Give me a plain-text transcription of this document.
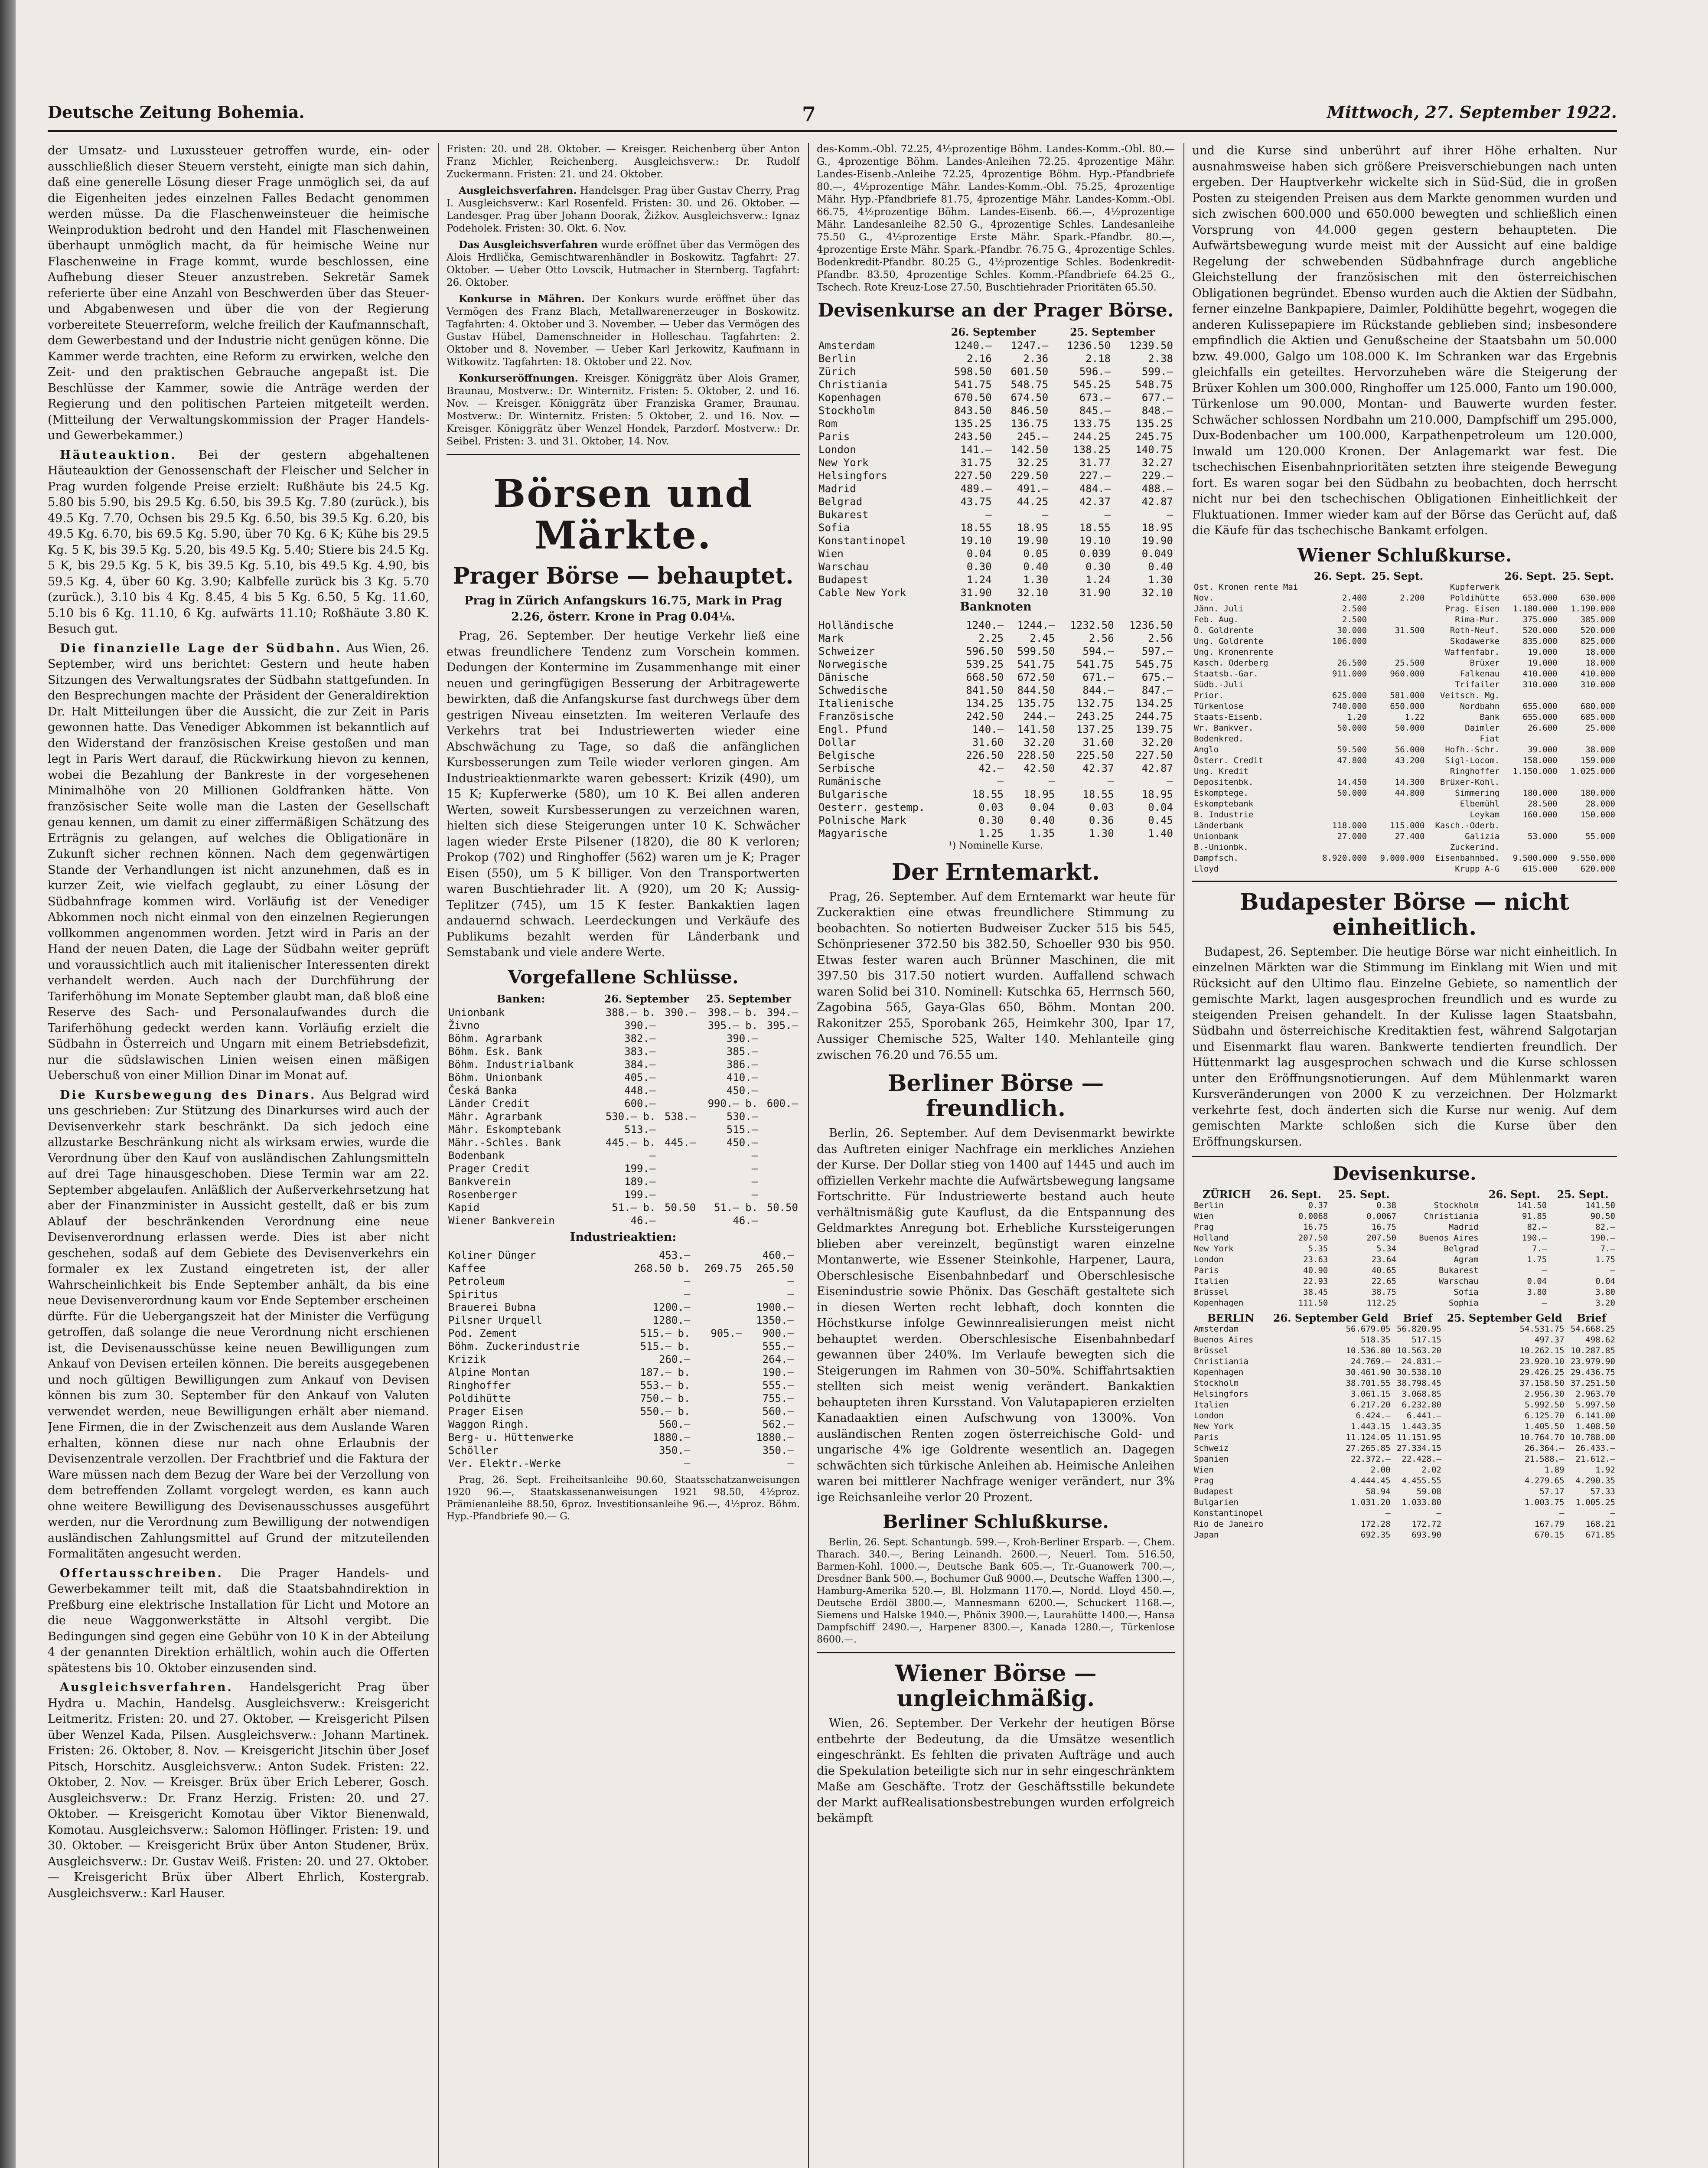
Deutsche Zeitung Bohemia.	7	Mittwoch, 27. September 1922.

der Umsatz- und Luxussteuer getroffen wurde, ein- oder ausschließlich dieser Steuern versteht, einigte man sich dahin, daß eine generelle Lösung dieser Frage unmöglich sei, da auf die Eigenheiten jedes einzelnen Falles Bedacht genommen werden müsse. Da die Flaschenweinsteuer die heimische Weinproduktion bedroht und den Handel mit Flaschenweinen überhaupt unmöglich macht, da für heimische Weine nur Flaschenweine in Frage kommt, wurde beschlossen, eine Aufhebung dieser Steuer anzustreben. Sekretär Samek referierte über eine Anzahl von Beschwerden über das Steuer- und Abgabenwesen und über die von der Regierung vorbereitete Steuerreform, welche freilich der Kaufmannschaft, dem Gewerbestand und der Industrie nicht genügen könne. Die Kammer werde trachten, eine Reform zu erwirken, welche den Zeit- und den praktischen Gebrauche angepaßt ist. Die Beschlüsse der Kammer, sowie die Anträge werden der Regierung und den politischen Parteien mitgeteilt werden. (Mitteilung der Verwaltungskommission der Prager Handels- und Gewerbekammer.)

Häuteauktion. Bei der gestern abgehaltenen Häuteauktion der Genossenschaft der Fleischer und Selcher in Prag wurden folgende Preise erzielt: Rußhäute bis 24.5 Kg. 5.80 bis 5.90, bis 29.5 Kg. 6.50, bis 39.5 Kg. 7.80 (zurück.), bis 49.5 Kg. 7.70, Ochsen bis 29.5 Kg. 6.50, bis 39.5 Kg. 6.20, bis 49.5 Kg. 6.70, bis 69.5 Kg. 5.90, über 70 Kg. 6 K; Kühe bis 29.5 Kg. 5 K, bis 39.5 Kg. 5.20, bis 49.5 Kg. 5.40; Stiere bis 24.5 Kg. 5 K, bis 29.5 Kg. 5 K, bis 39.5 Kg. 5.10, bis 49.5 Kg. 4.90, bis 59.5 Kg. 4, über 60 Kg. 3.90; Kalbfelle zurück bis 3 Kg. 5.70 (zurück.), 3.10 bis 4 Kg. 8.45, 4 bis 5 Kg. 6.50, 5 Kg. 11.60, 5.10 bis 6 Kg. 11.10, 6 Kg. aufwärts 11.10; Roßhäute 3.80 K. Besuch gut.

Die finanzielle Lage der Südbahn. Aus Wien, 26. September, wird uns berichtet: Gestern und heute haben Sitzungen des Verwaltungsrates der Südbahn stattgefunden. In den Besprechungen machte der Präsident der Generaldirektion Dr. Halt Mitteilungen über die Aussicht, die zur Zeit in Paris gewonnen hatte. Das Venediger Abkommen ist bekanntlich auf den Widerstand der französischen Kreise gestoßen und man legt in Paris Wert darauf, die Rückwirkung hievon zu kennen, wobei die Bezahlung der Bankreste in der vorgesehenen Minimalhöhe von 20 Millionen Goldfranken hätte. Von französischer Seite wolle man die Lasten der Gesellschaft genau kennen, um damit zu einer ziffermäßigen Schätzung des Erträgnis zu gelangen, auf welches die Obligationäre in Zukunft sicher rechnen können. Nach dem gegenwärtigen Stande der Verhandlungen ist nicht anzunehmen, daß es in kurzer Zeit, wie vielfach geglaubt, zu einer Lösung der Südbahnfrage kommen wird. Vorläufig ist der Venediger Abkommen noch nicht einmal von den einzelnen Regierungen vollkommen angenommen worden. Jetzt wird in Paris an der Hand der neuen Daten, die Lage der Südbahn weiter geprüft und voraussichtlich auch mit italienischer Interessenten direkt verhandelt werden. Auch nach der Durchführung der Tariferhöhung im Monate September glaubt man, daß bloß eine Reserve des Sach- und Personalaufwandes durch die Tariferhöhung gedeckt werden kann. Vorläufig erzielt die Südbahn in Österreich und Ungarn mit einem Betriebsdefizit, nur die südslawischen Linien weisen einen mäßigen Ueberschuß von einer Million Dinar im Monat auf.

Die Kursbewegung des Dinars. Aus Belgrad wird uns geschrieben: Zur Stützung des Dinarkurses wird auch der Devisenverkehr stark beschränkt. Da sich jedoch eine allzustarke Beschränkung nicht als wirksam erwies, wurde die Verordnung über den Kauf von ausländischen Zahlungsmitteln auf drei Tage hinausgeschoben. Diese Termin war am 22. September abgelaufen. Anläßlich der Außerverkehrsetzung hat aber der Finanzminister in Aussicht gestellt, daß er bis zum Ablauf der beschränkenden Verordnung eine neue Devisenverordnung erlassen werde. Dies ist aber nicht geschehen, sodaß auf dem Gebiete des Devisenverkehrs ein formaler ex lex Zustand eingetreten ist, der aller Wahrscheinlichkeit bis Ende September anhält, da bis eine neue Devisenverordnung kaum vor Ende September erscheinen dürfte. Für die Uebergangszeit hat der Minister die Verfügung getroffen, daß solange die neue Verordnung nicht erschienen ist, die Devisenausschüsse keine neuen Bewilligungen zum Ankauf von Devisen erteilen können. Die bereits ausgegebenen und noch gültigen Bewilligungen zum Ankauf von Devisen können bis zum 30. September für den Ankauf von Valuten verwendet werden, neue Bewilligungen erhält aber niemand. Jene Firmen, die in der Zwischenzeit aus dem Auslande Waren erhalten, können diese nur nach ohne Erlaubnis der Devisenzentrale verzollen. Der Frachtbrief und die Faktura der Ware müssen nach dem Bezug der Ware bei der Verzollung von dem betreffenden Zollamt vorgelegt werden, es kann auch ohne weitere Bewilligung des Devisenausschusses ausgeführt werden, nur die Verordnung zum Bewilligung der notwendigen ausländischen Zahlungsmittel auf Grund der mitzuteilenden Formalitäten angesucht werden.

Offertausschreiben. Die Prager Handels- und Gewerbekammer teilt mit, daß die Staatsbahndirektion in Preßburg eine elektrische Installation für Licht und Motore an die neue Waggonwerkstätte in Altsohl vergibt. Die Bedingungen sind gegen eine Gebühr von 10 K in der Abteilung 4 der genannten Direktion erhältlich, wohin auch die Offerten spätestens bis 10. Oktober einzusenden sind.

Ausgleichsverfahren. Handelsgericht Prag über Hydra u. Machin, Handelsg. Ausgleichsverw.: Kreisgericht Leitmeritz. Fristen: 20. und 27. Oktober. — Kreisgericht Pilsen über Wenzel Kada, Pilsen. Ausgleichsverw.: Johann Martinek. Fristen: 26. Oktober, 8. Nov. — Kreisgericht Jitschin über Josef Pitsch, Horschitz. Ausgleichsverw.: Anton Sudek. Fristen: 22. Oktober, 2. Nov. — Kreisger. Brüx über Erich Leberer, Gosch. Ausgleichsverw.: Dr. Franz Herzig. Fristen: 20. und 27. Oktober. — Kreisgericht Komotau über Viktor Bienenwald, Komotau. Ausgleichsverw.: Salomon Höflinger. Fristen: 19. und 30. Oktober. — Kreisgericht Brüx über Anton Studener, Brüx. Ausgleichsverw.: Dr. Gustav Weiß. Fristen: 20. und 27. Oktober. — Kreisgericht Brüx über Albert Ehrlich, Kostergrab. Ausgleichsverw.: Karl Hauser.

Fristen: 20. und 28. Oktober. — Kreisger. Reichenberg über Anton Franz Michler, Reichenberg. Ausgleichsverw.: Dr. Rudolf Zuckermann. Fristen: 21. und 24. Oktober.

Ausgleichsverfahren. Handelsger. Prag über Gustav Cherry, Prag I. Ausgleichsverw.: Karl Rosenfeld. Fristen: 30. und 26. Oktober. — Landesger. Prag über Johann Doorak, Žižkov. Ausgleichsverw.: Ignaz Podeholek. Fristen: 30. Okt. 6. Nov.

Das Ausgleichsverfahren wurde eröffnet über das Vermögen des Alois Hrdlička, Gemischtwarenhändler in Boskowitz. Tagfahrt: 27. Oktober. — Ueber Otto Lovscik, Hutmacher in Sternberg. Tagfahrt: 26. Oktober.

Konkurse in Mähren. Der Konkurs wurde eröffnet über das Vermögen des Franz Blach, Metallwarenerzeuger in Boskowitz. Tagfahrten: 4. Oktober und 3. November. — Ueber das Vermögen des Gustav Hübel, Damenschneider in Holleschau. Tagfahrten: 2. Oktober und 8. November. — Ueber Karl Jerkowitz, Kaufmann in Witkowitz. Tagfahrten: 18. Oktober und 22. Nov.

Konkurseröffnungen. Kreisger. Königgrätz über Alois Gramer, Braunau, Mostverw.: Dr. Winternitz. Fristen: 5. Oktober, 2. und 16. Nov. — Kreisger. Königgrätz über Franziska Gramer, Braunau. Mostverw.: Dr. Winternitz. Fristen: 5 Oktober, 2. und 16. Nov. — Kreisger. Königgrätz über Wenzel Hondek, Parzdorf. Mostverw.: Dr. Seibel. Fristen: 3. und 31. Oktober, 14. Nov.

Börsen und Märkte.
Prager Börse — behauptet.

Prag in Zürich Anfangskurs 16.75, Mark in Prag 2.26, österr. Krone in Prag 0.04⅛.

Prag, 26. September. Der heutige Verkehr ließ eine etwas freundlichere Tendenz zum Vorschein kommen. Dedungen der Kontermine im Zusammenhange mit einer neuen und geringfügigen Besserung der Arbitragewerte bewirkten, daß die Anfangskurse fast durchwegs über dem gestrigen Niveau einsetzten. Im weiteren Verlaufe des Verkehrs trat bei Industriewerten wieder eine Abschwächung zu Tage, so daß die anfänglichen Kursbesserungen zum Teile wieder verloren gingen. Am Industrieaktienmarkte waren gebessert: Krizik (490), um 15 K; Kupferwerke (580), um 10 K. Bei allen anderen Werten, soweit Kursbesserungen zu verzeichnen waren, hielten sich diese Steigerungen unter 10 K. Schwächer lagen wieder Erste Pilsener (1820), die 80 K verloren; Prokop (702) und Ringhoffer (562) waren um je K; Prager Eisen (550), um 5 K billiger. Von den Transportwerten waren Buschtiehrader lit. A (920), um 20 K; Aussig-Teplitzer (745), um 15 K fester. Bankaktien lagen andauernd schwach. Leerdeckungen und Verkäufe des Publikums bezahlt werden für Länderbank und Semstabank und viele andere Werte.

Vorgefallene Schlüsse.
Banken:	26. September		25. September	
Unionbank	388.– b.	390.–	398.– b.	394.–
Živno	390.–		395.– b.	395.–
Böhm. Agrarbank	382.–		390.–	
Böhm. Esk. Bank	383.–		385.–	
Böhm. Industrialbank	384.–		386.–	
Böhm. Unionbank	405.–		410.–	
Česká Banka	448.–		450.–	
Länder Credit	600.–		990.– b.	600.–
Mähr. Agrarbank	530.– b.	538.–	530.–	
Mähr. Eskomptebank	513.–		515.–	
Mähr.-Schles. Bank	445.– b.	445.–	450.–	
Bodenbank	–		–	
Prager Credit	199.–		–	
Bankverein	189.–		–	
Rosenberger	199.–		–	
Kapid	51.– b.	50.50	51.– b.	50.50
Wiener Bankverein	46.–		46.–	

Industrieaktien:

Koliner Dünger	453.–		460.–	
Kaffee	268.50 b.	269.75	265.50	
Petroleum	–		–	
Spiritus	–		–	
Brauerei Bubna	1200.–		1900.–	
Pilsner Urquell	1280.–		1350.–	
Pod. Zement	515.– b.	905.–	900.–	
Böhm. Zuckerindustrie	515.– b.		555.–	
Krizik	260.–		264.–	
Alpine Montan	187.– b.		190.–	
Ringhoffer	553.– b.		555.–	
Poldihütte	750.– b.		755.–	
Prager Eisen	550.– b.		560.–	
Waggon Ringh.	560.–		562.–	
Berg- u. Hüttenwerke	1880.–		1880.–	
Schöller	350.–		350.–	
Ver. Elektr.-Werke	–		–	

Prag, 26. Sept. Freiheitsanleihe 90.60, Staatsschatzanweisungen 1920 96.—, Staatskassenanweisungen 1921 98.50, 4½proz. Prämienanleihe 88.50, 6proz. Investitionsanleihe 96.—, 4½proz. Böhm. Hyp.-Pfandbriefe 90.— G.

des-Komm.-Obl. 72.25, 4½prozentige Böhm. Landes-Komm.-Obl. 80.— G., 4prozentige Böhm. Landes-Anleihen 72.25. 4prozentige Mähr. Landes-Eisenb.-Anleihe 72.25, 4prozentige Böhm. Hyp.-Pfandbriefe 80.—, 4½prozentige Mähr. Landes-Komm.-Obl. 75.25, 4prozentige Mähr. Hyp.-Pfandbriefe 81.75, 4prozentige Mähr. Landes-Komm.-Obl. 66.75, 4½prozentige Böhm. Landes-Eisenb. 66.—, 4½prozentige Mähr. Landesanleihe 82.50 G., 4prozentige Schles. Landesanleihe 75.50 G., 4½prozentige Erste Mähr. Spark.-Pfandbr. 80.—, 4prozentige Erste Mähr. Spark.-Pfandbr. 76.75 G., 4prozentige Schles. Bodenkredit-Pfandbr. 80.25 G., 4½prozentige Schles. Bodenkredit-Pfandbr. 83.50, 4prozentige Schles. Komm.-Pfandbriefe 64.25 G., Tschech. Rote Kreuz-Lose 27.50, Buschtiehrader Prioritäten 65.50.

Devisenkurse an der Prager Börse.
	26. September		25. September	
Amsterdam	1240.–	1247.–	1236.50	1239.50
Berlin	2.16	2.36	2.18	2.38
Zürich	598.50	601.50	596.–	599.–
Christiania	541.75	548.75	545.25	548.75
Kopenhagen	670.50	674.50	673.–	677.–
Stockholm	843.50	846.50	845.–	848.–
Rom	135.25	136.75	133.75	135.25
Paris	243.50	245.–	244.25	245.75
London	141.–	142.50	138.25	140.75
New York	31.75	32.25	31.77	32.27
Helsingfors	227.50	229.50	227.–	229.–
Madrid	489.–	491.–	484.–	488.–
Belgrad	43.75	44.25	42.37	42.87
Bukarest	–	–	–	–
Sofia	18.55	18.95	18.55	18.95
Konstantinopel	19.10	19.90	19.10	19.90
Wien	0.04	0.05	0.039	0.049
Warschau	0.30	0.40	0.30	0.40
Budapest	1.24	1.30	1.24	1.30
Cable New York	31.90	32.10	31.90	32.10

Banknoten

Holländische	1240.–	1244.–	1232.50	1236.50
Mark	2.25	2.45	2.56	2.56
Schweizer	596.50	599.50	594.–	597.–
Norwegische	539.25	541.75	541.75	545.75
Dänische	668.50	672.50	671.–	675.–
Schwedische	841.50	844.50	844.–	847.–
Italienische	134.25	135.75	132.75	134.25
Französische	242.50	244.–	243.25	244.75
Engl. Pfund	140.–	141.50	137.25	139.75
Dollar	31.60	32.20	31.60	32.20
Belgische	226.50	228.50	225.50	227.50
Serbische	42.–	42.50	42.37	42.87
Rumänische	–	–	–	–
Bulgarische	18.55	18.95	18.55	18.95
Oesterr. gestemp.	0.03	0.04	0.03	0.04
Polnische Mark	0.30	0.40	0.36	0.45
Magyarische	1.25	1.35	1.30	1.40

¹) Nominelle Kurse.

Der Erntemarkt.

Prag, 26. September. Auf dem Erntemarkt war heute für Zuckeraktien eine etwas freundlichere Stimmung zu beobachten. So notierten Budweiser Zucker 515 bis 545, Schönpriesener 372.50 bis 382.50, Schoeller 930 bis 950. Etwas fester waren auch Brünner Maschinen, die mit 397.50 bis 317.50 notiert wurden. Auffallend schwach waren Solid bei 310. Nominell: Kutschka 65, Herrnsch 560, Zagobina 565, Gaya-Glas 650, Böhm. Montan 200. Rakonitzer 255, Sporobank 265, Heimkehr 300, Ipar 17, Aussiger Chemische 525, Walter 140. Mehlanteile ging zwischen 76.20 und 76.55 um.

Berliner Börse — freundlich.

Berlin, 26. September. Auf dem Devisenmarkt bewirkte das Auftreten einiger Nachfrage ein merkliches Anziehen der Kurse. Der Dollar stieg von 1400 auf 1445 und auch im offiziellen Verkehr machte die Aufwärtsbewegung langsame Fortschritte. Für Industriewerte bestand auch heute verhältnismäßig gute Kauflust, da die Entspannung des Geldmarktes Anregung bot. Erhebliche Kurssteigerungen blieben aber vereinzelt, begünstigt waren einzelne Montanwerte, wie Essener Steinkohle, Harpener, Laura, Oberschlesische Eisenbahnbedarf und Oberschlesische Eisenindustrie sowie Phönix. Das Geschäft gestaltete sich in diesen Werten recht lebhaft, doch konnten die Höchstkurse infolge Gewinnrealisierungen meist nicht behauptet werden. Oberschlesische Eisenbahnbedarf gewannen über 240%. Im Verlaufe bewegten sich die Steigerungen im Rahmen von 30–50%. Schiffahrtsaktien stellten sich meist wenig verändert. Bankaktien behaupteten ihren Kursstand. Von Valutapapieren erzielten Kanadaaktien einen Aufschwung von 1300%. Von ausländischen Renten zogen österreichische Gold- und ungarische 4% ige Goldrente wesentlich an. Dagegen schwächten sich türkische Anleihen ab. Heimische Anleihen waren bei mittlerer Nachfrage weniger verändert, nur 3% ige Reichsanleihe verlor 20 Prozent.

Berliner Schlußkurse.

Berlin, 26. Sept. Schantungb. 599.—, Kroh-Berliner Ersparb. —, Chem. Tharach. 340.—, Bering Leinandh. 2600.—, Neuerl. Tom. 516.50, Barmen-Kohl. 1000.—, Deutsche Bank 605.—, Tr.-Guanowerk 700.—, Dresdner Bank 500.—, Bochumer Guß 9000.—, Deutsche Waffen 1300.—, Hamburg-Amerika 520.—, Bl. Holzmann 1170.—, Nordd. Lloyd 450.—, Deutsche Erdöl 3800.—, Mannesmann 6200.—, Schuckert 1168.—, Siemens und Halske 1940.—, Phönix 3900.—, Laurahütte 1400.—, Hansa Dampfschiff 2490.—, Harpener 8300.—, Kanada 1280.—, Türkenlose 8600.—.

Wiener Börse — ungleichmäßig.

Wien, 26. September. Der Verkehr der heutigen Börse entbehrte der Bedeutung, da die Umsätze wesentlich eingeschränkt. Es fehlten die privaten Aufträge und auch die Spekulation beteiligte sich nur in sehr eingeschränktem Maße am Geschäfte. Trotz der Geschäftsstille bekundete der Markt aufRealisationsbestrebungen wurden erfolgreich bekämpft

und die Kurse sind unberührt auf ihrer Höhe erhalten. Nur ausnahmsweise haben sich größere Preisverschiebungen nach unten ergeben. Der Hauptverkehr wickelte sich in Süd-Süd, die in großen Posten zu steigenden Preisen aus dem Markte genommen wurden und sich zwischen 600.000 und 650.000 bewegten und schließlich einen Vorsprung von 44.000 gegen gestern behaupteten. Die Aufwärtsbewegung wurde meist mit der Aussicht auf eine baldige Regelung der schwebenden Südbahnfrage durch angebliche Gleichstellung der französischen mit den österreichischen Obligationen begründet. Ebenso wurden auch die Aktien der Südbahn, ferner einzelne Bankpapiere, Daimler, Poldihütte begehrt, wogegen die anderen Kulissepapiere im Rückstande geblieben sind; insbesondere empfindlich die Aktien und Genußscheine der Staatsbahn um 50.000 bzw. 49.000, Galgo um 108.000 K. Im Schranken war das Ergebnis gleichfalls ein geteiltes. Hervorzuheben wäre die Steigerung der Brüxer Kohlen um 300.000, Ringhoffer um 125.000, Fanto um 190.000, Türkenlose um 90.000, Montan- und Bauwerte wurden fester. Schwächer schlossen Nordbahn um 210.000, Dampfschiff um 295.000, Dux-Bodenbacher um 100.000, Karpathenpetroleum um 120.000, Inwald um 120.000 Kronen. Der Anlagemarkt war fest. Die tschechischen Eisenbahnprioritäten setzten ihre steigende Bewegung fort. Es waren sogar bei den Südbahn zu beobachten, doch herrscht nicht nur bei den tschechischen Obligationen Einheitlichkeit der Fluktuationen. Immer wieder kam auf der Börse das Gerücht auf, daß die Käufe für das tschechische Bankamt erfolgen.

Wiener Schlußkurse.
	26. Sept.	25. Sept.		26. Sept.	25. Sept.
Ost. Kronen rente Mai			Kupferwerk		
Nov.	2.400	2.200	Poldihütte	653.000	630.000
Jänn. Juli	2.500		Prag. Eisen	1.180.000	1.190.000
Feb. Aug.	2.500		Rima-Mur.	375.000	385.000
Ö. Goldrente	30.000	31.500	Roth-Neuf.	520.000	520.000
Ung. Goldrente	106.000		Skodawerke	835.000	825.000
Ung. Kronenrente			Waffenfabr.	19.000	18.000
Kasch. Oderberg	26.500	25.500	Brüxer	19.000	18.000
Staatsb.-Gar.	911.000	960.000	Falkenau	410.000	410.000
Südb.-Juli			Trifailer	310.000	310.000
Prior.	625.000	581.000	Veitsch. Mg.		
Türkenlose	740.000	650.000	Nordbahn	655.000	680.000
Staats-Eisenb.	1.20	1.22	Bank	655.000	685.000
Wr. Bankver.	50.000	50.000	Daimler	26.600	25.000
Bodenkred.			Fiat		
Anglo	59.500	56.000	Hofh.-Schr.	39.000	38.000
Österr. Credit	47.800	43.200	Sigl-Locom.	158.000	159.000
Ung. Kredit			Ringhoffer	1.150.000	1.025.000
Depositenbk.	14.450	14.300	Brüxer-Kohl.		
Eskomptege.	50.000	44.800	Simmering	180.000	180.000
Eskomptebank			Elbemühl	28.500	28.000
B. Industrie			Leykam	160.000	150.000
Länderbank	118.000	115.000	Kasch.-Oderb.		
Unionbank	27.000	27.400	Galizia	53.000	55.000
B.-Unionbk.			Zuckerind.		
Dampfsch.	8.920.000	9.000.000	Eisenbahnbed.	9.500.000	9.550.000
Lloyd			Krupp A-G	615.000	620.000
Budapester Börse — nicht einheitlich.

Budapest, 26. September. Die heutige Börse war nicht einheitlich. In einzelnen Märkten war die Stimmung im Einklang mit Wien und mit Rücksicht auf den Ultimo flau. Einzelne Gebiete, so namentlich der gemischte Markt, lagen ausgesprochen freundlich und es wurde zu steigenden Preisen gehandelt. In der Kulisse lagen Staatsbahn, Südbahn und österreichische Kreditaktien fest, während Salgotarjan und Eisenmarkt flau waren. Bankwerte tendierten freundlich. Der Hüttenmarkt lag ausgesprochen schwach und die Kurse schlossen unter den Eröffnungsnotierungen. Auf dem Mühlenmarkt waren Kursveränderungen von 2000 K zu verzeichnen. Der Holzmarkt verkehrte fest, doch änderten sich die Kurse nur wenig. Auf dem gemischten Markte schloßen sich die Kurse über den Eröffnungskursen.

Devisenkurse.
ZÜRICH	26. Sept.	25. Sept.		26. Sept.	25. Sept.
Berlin	0.37	0.38	Stockholm	141.50	141.50
Wien	0.0068	0.0067	Christiania	91.85	90.50
Prag	16.75	16.75	Madrid	82.—	82.—
Holland	207.50	207.50	Buenos Aires	190.—	190.—
New York	5.35	5.34	Belgrad	7.—	7.—
London	23.63	23.64	Agram	1.75	1.75
Paris	40.90	40.65	Bukarest	—	—
Italien	22.93	22.65	Warschau	0.04	0.04
Brüssel	38.45	38.75	Sofia	3.80	3.80
Kopenhagen	111.50	112.25	Sophia	—	3.20
BERLIN	26. September Geld	Brief	25. September Geld	Brief
Amsterdam	56.679.05	56.820.95	54.531.75	54.668.25
Buenos Aires	518.35	517.15	497.37	498.62
Brüssel	10.536.80	10.563.20	10.262.15	10.287.85
Christiania	24.769.–	24.831.–	23.920.10	23.979.90
Kopenhagen	30.461.90	30.538.10	29.426.25	29.436.75
Stockholm	38.701.55	38.798.45	37.158.50	37.251.50
Helsingfors	3.061.15	3.068.85	2.956.30	2.963.70
Italien	6.217.20	6.232.80	5.992.50	5.997.50
London	6.424.—	6.441.—	6.125.70	6.141.00
New York	1.443.15	1.443.35	1.405.50	1.408.50
Paris	11.124.05	11.151.95	10.764.70	10.788.00
Schweiz	27.265.85	27.334.15	26.364.–	26.433.–
Spanien	22.372.—	22.428.—	21.588.—	21.612.—
Wien	2.00	2.02	1.89	1.92
Prag	4.444.45	4.455.55	4.279.65	4.290.35
Budapest	58.94	59.08	57.17	57.33
Bulgarien	1.031.20	1.033.80	1.003.75	1.005.25
Konstantinopel	—	—	—	—
Rio de Janeiro	172.28	172.72	167.79	168.21
Japan	692.35	693.90	670.15	671.85
